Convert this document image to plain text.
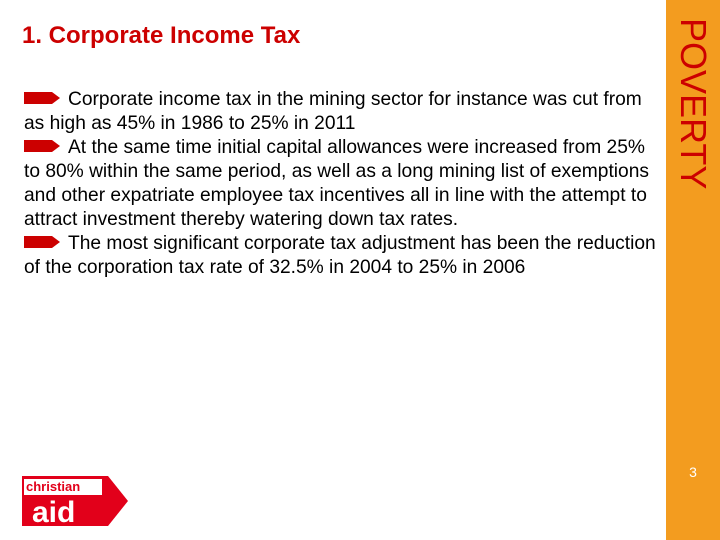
1. Corporate Income Tax	POVERTY
3

Corporate income tax in the mining sector for instance was cut from as high as 45% in 1986 to 25% in 2011

At the same time initial capital allowances were increased from 25% to 80% within the same period, as well as a long mining list of exemptions and other expatriate employee tax incentives all in line with the attempt to attract investment thereby watering down tax rates.

The most significant corporate tax adjustment has been the reduction of the corporation tax rate of 32.5% in 2004 to 25% in 2006

christian
aid
